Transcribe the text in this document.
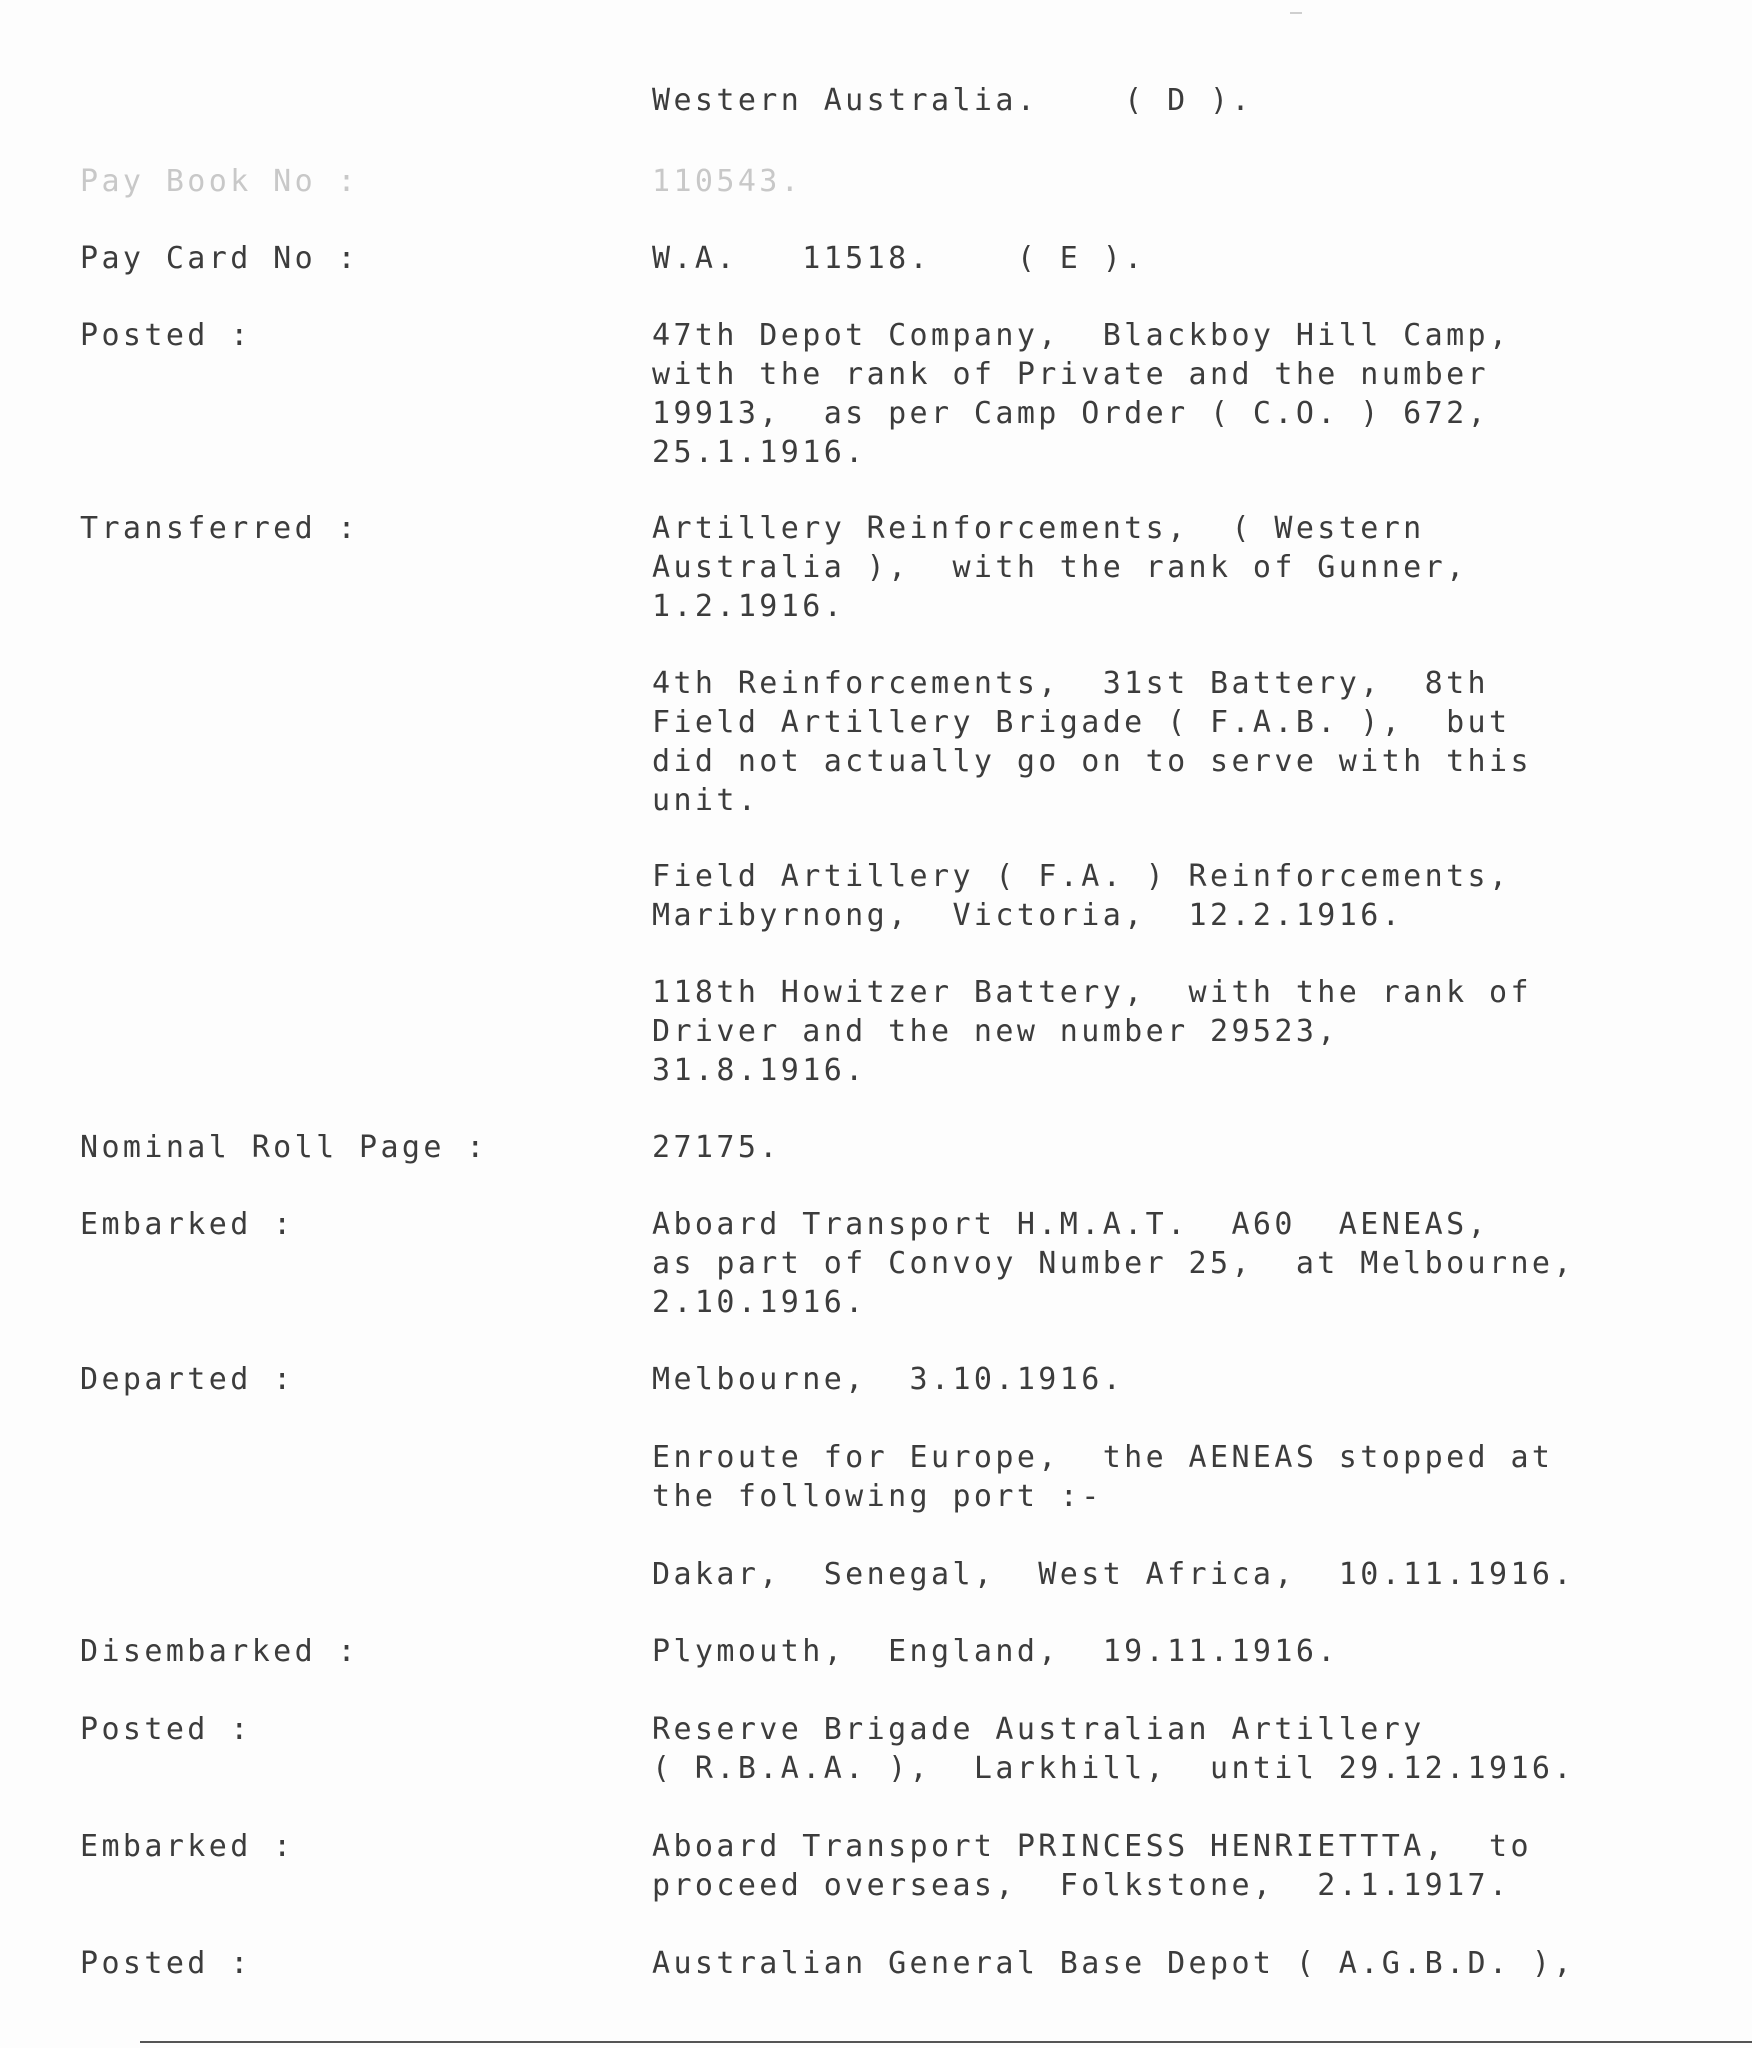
Western Australia.    ( D ).
Pay Book No :	110543.
Pay Card No :	W.A.   11518.    ( E ).
Posted :	47th Depot Company,  Blackboy Hill Camp,
with the rank of Private and the number
19913,  as per Camp Order ( C.O. ) 672,
25.1.1916.
Transferred :	Artillery Reinforcements,  ( Western
Australia ),  with the rank of Gunner,
1.2.1916.
4th Reinforcements,  31st Battery,  8th
Field Artillery Brigade ( F.A.B. ),  but
did not actually go on to serve with this
unit.
Field Artillery ( F.A. ) Reinforcements,
Maribyrnong,  Victoria,  12.2.1916.
118th Howitzer Battery,  with the rank of
Driver and the new number 29523,
31.8.1916.
Nominal Roll Page :	27175.
Embarked :	Aboard Transport H.M.A.T.  A60  AENEAS,
as part of Convoy Number 25,  at Melbourne,
2.10.1916.
Departed :	Melbourne,  3.10.1916.
Enroute for Europe,  the AENEAS stopped at
the following port :-
Dakar,  Senegal,  West Africa,  10.11.1916.
Disembarked :	Plymouth,  England,  19.11.1916.
Posted :	Reserve Brigade Australian Artillery
( R.B.A.A. ),  Larkhill,  until 29.12.1916.
Embarked :	Aboard Transport PRINCESS HENRIETTTA,  to
proceed overseas,  Folkstone,  2.1.1917.
Posted :	Australian General Base Depot ( A.G.B.D. ),
